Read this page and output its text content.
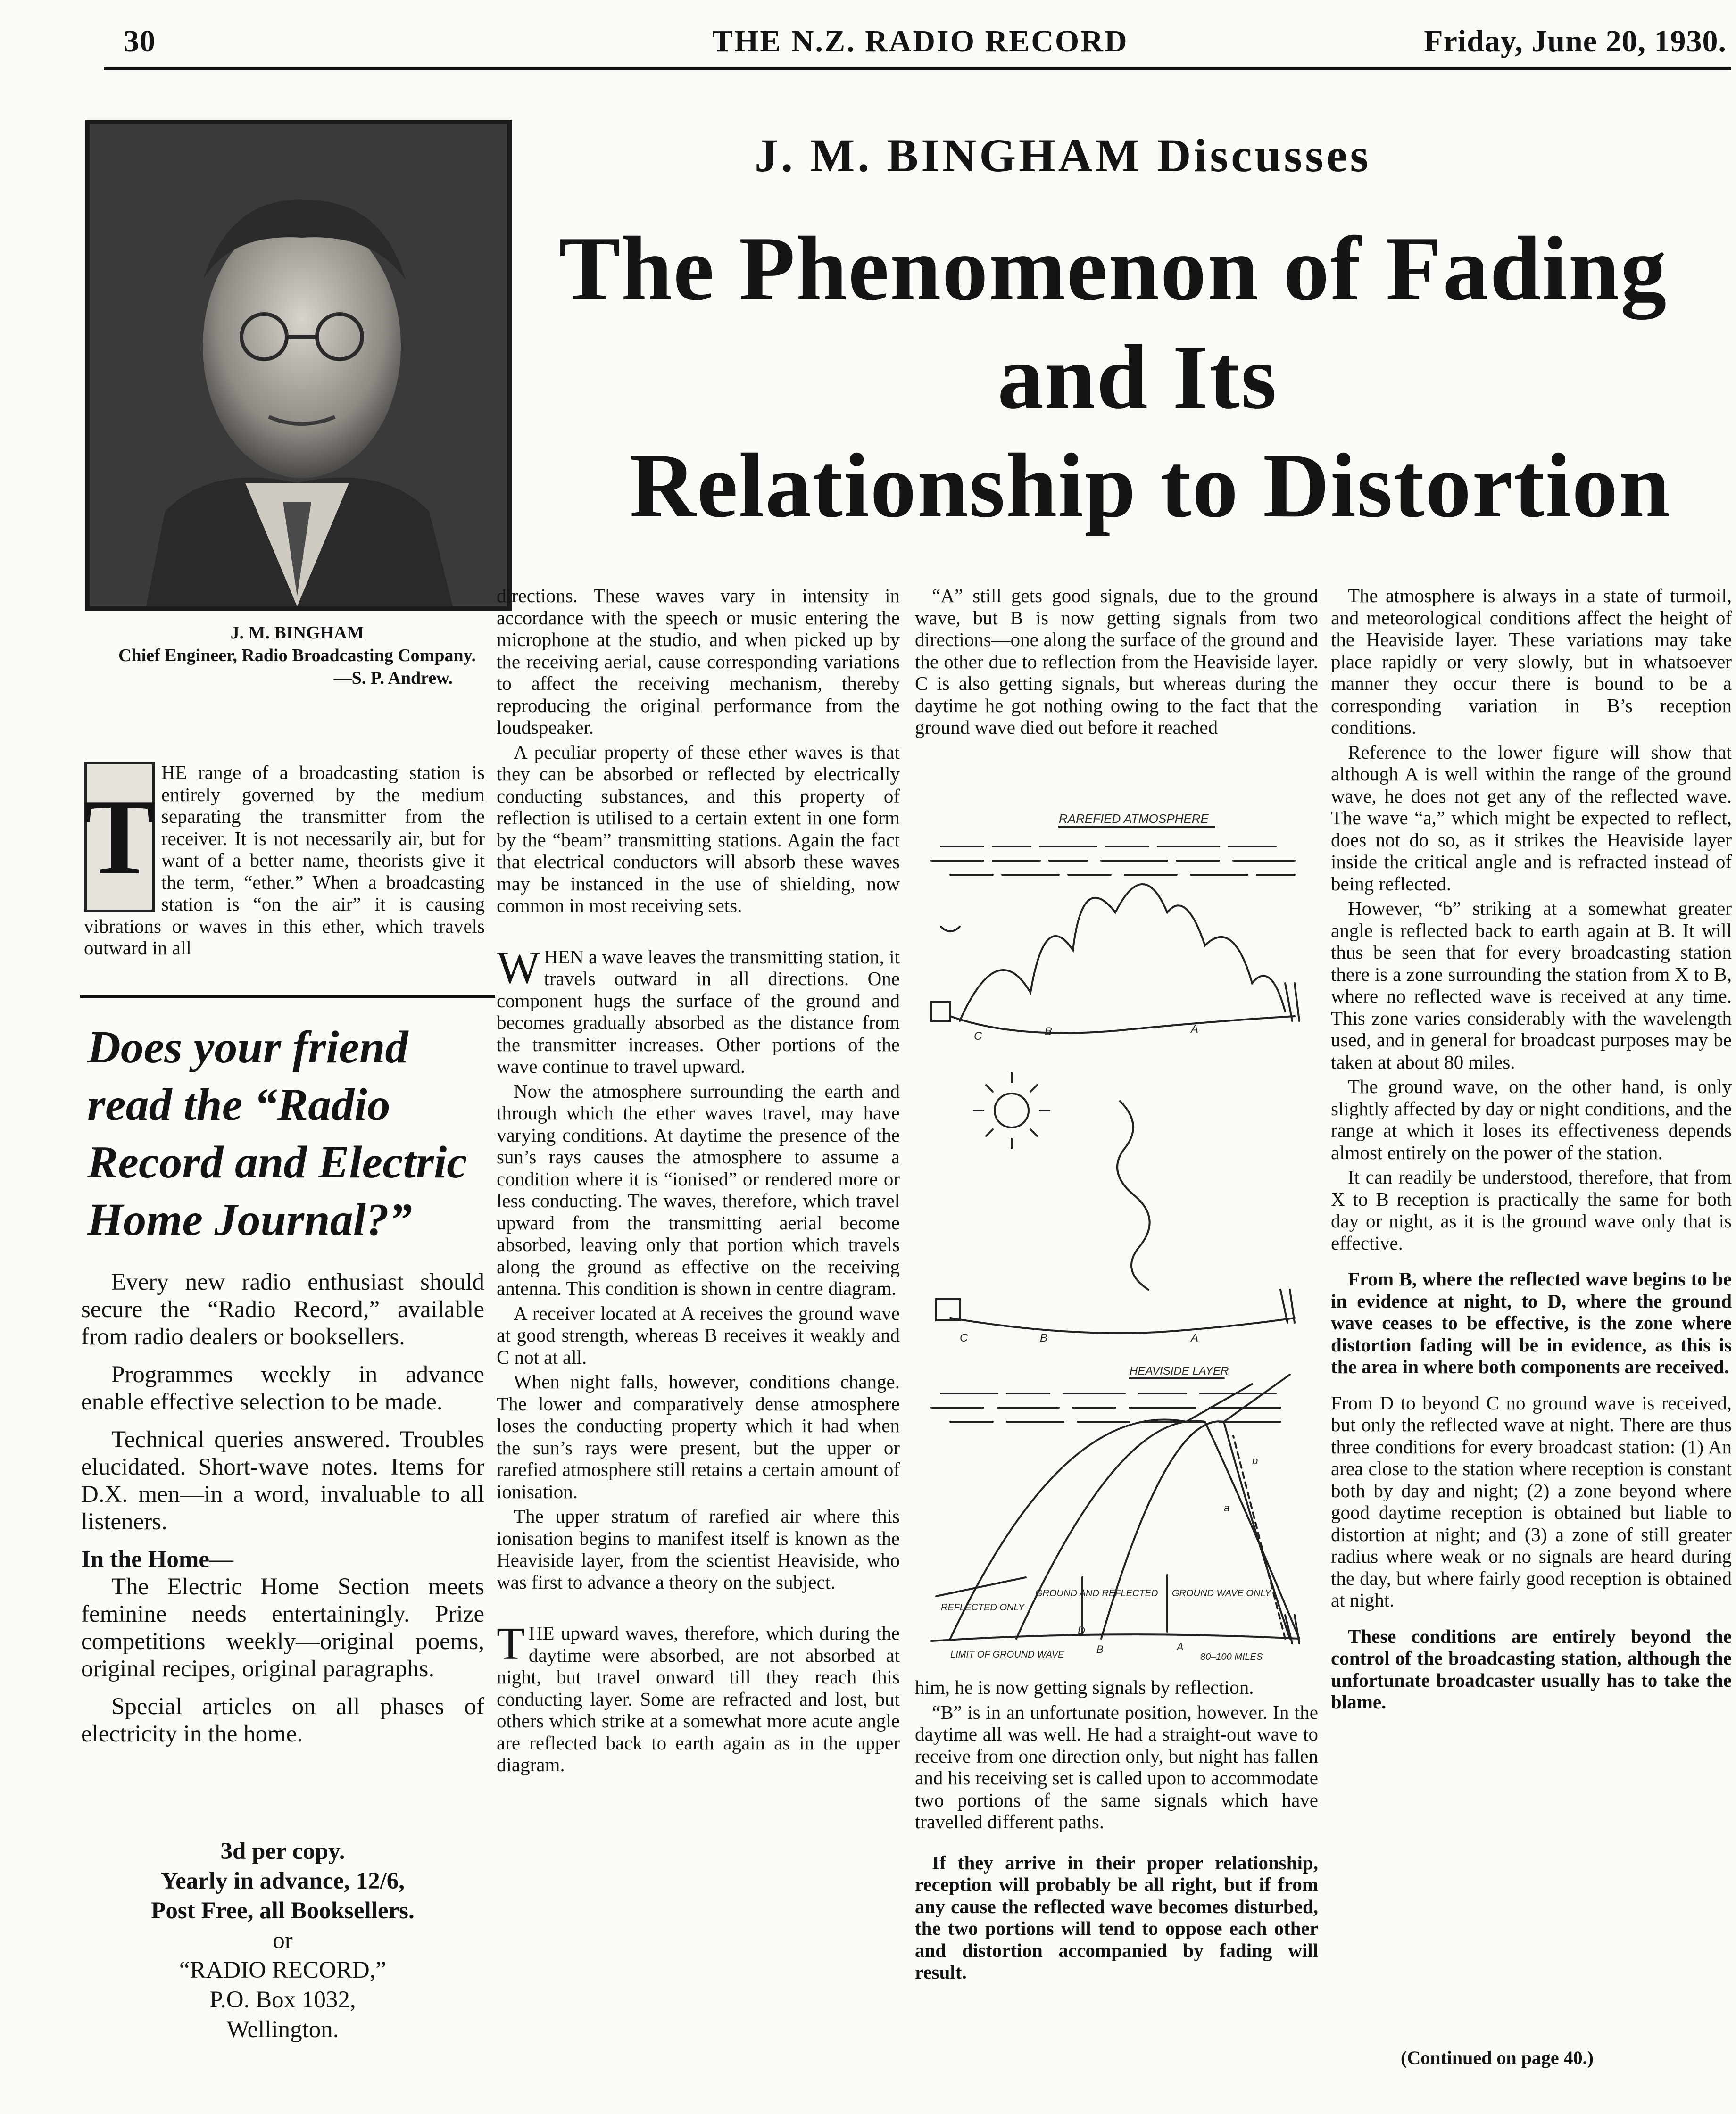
30	THE N.Z. RADIO RECORD	Friday, June 20, 1930.
J. M. BINGHAM
Chief Engineer, Radio Broadcasting Company.
—S. P. Andrew.
J. M. BINGHAM Discusses
The Phenomenon of Fading
and Its
Relationship to Distortion
T
HE range of a broadcasting station is entirely governed by the medium separating the transmitter from the receiver. It is not necessarily air, but for want of a better name, theorists give it the term, “ether.” When a broadcasting station is “on the air” it is causing vibrations or waves in this ether, which travels outward in all

directions. These waves vary in intensity in accordance with the speech or music entering the microphone at the studio, and when picked up by the receiving aerial, cause corresponding variations to affect the receiving mechanism, thereby reproducing the original performance from the loudspeaker.

A peculiar property of these ether waves is that they can be absorbed or reflected by electrically conducting substances, and this property of reflection is utilised to a certain extent in one form by the “beam” transmitting stations. Again the fact that electrical conductors will absorb these waves may be instanced in the use of shielding, now common in most receiving sets.

WHEN a wave leaves the transmitting station, it travels outward in all directions. One component hugs the surface of the ground and becomes gradually absorbed as the distance from the transmitter increases. Other portions of the wave continue to travel upward.

Now the atmosphere surrounding the earth and through which the ether waves travel, may have varying conditions. At daytime the presence of the sun’s rays causes the atmosphere to assume a condition where it is “ionised” or rendered more or less conducting. The waves, therefore, which travel upward from the transmitting aerial become absorbed, leaving only that portion which travels along the ground as effective on the receiving antenna. This condition is shown in centre diagram.

A receiver located at A receives the ground wave at good strength, whereas B receives it weakly and C not at all.

When night falls, however, conditions change. The lower and comparatively dense atmosphere loses the conducting property which it had when the sun’s rays were present, but the upper or rarefied atmosphere still retains a certain amount of ionisation.

The upper stratum of rarefied air where this ionisation begins to manifest itself is known as the Heaviside layer, from the scientist Heaviside, who was first to advance a theory on the subject.

THE upward waves, therefore, which during the daytime were absorbed, are not absorbed at night, but travel onward till they reach this conducting layer. Some are refracted and lost, but others which strike at a somewhat more acute angle are reflected back to earth again as in the upper diagram.

“A” still gets good signals, due to the ground wave, but B is now getting signals from two directions—one along the surface of the ground and the other due to reflection from the Heaviside layer. C is also getting signals, but whereas during the daytime he got nothing owing to the fact that the ground wave died out before it reached

RAREFIED ATMOSPHERE
C	B	A
C	B	A
HEAVISIDE LAYER
REFLECTED ONLY
GROUND AND REFLECTED GROUND WAVE ONLY
a
b
D
LIMIT OF GROUND WAVE	B	A
80–100 MILES

him, he is now getting signals by reflection.

“B” is in an unfortunate position, however. In the daytime all was well. He had a straight-out wave to receive from one direction only, but night has fallen and his receiving set is called upon to accommodate two portions of the same signals which have travelled different paths.

If they arrive in their proper relationship, reception will probably be all right, but if from any cause the reflected wave becomes disturbed, the two portions will tend to oppose each other and distortion accompanied by fading will result.

The atmosphere is always in a state of turmoil, and meteorological conditions affect the height of the Heaviside layer. These variations may take place rapidly or very slowly, but in whatsoever manner they occur there is bound to be a corresponding variation in B’s reception conditions.

Reference to the lower figure will show that although A is well within the range of the ground wave, he does not get any of the reflected wave. The wave “a,” which might be expected to reflect, does not do so, as it strikes the Heaviside layer inside the critical angle and is refracted instead of being reflected.

However, “b” striking at a somewhat greater angle is reflected back to earth again at B. It will thus be seen that for every broadcasting station there is a zone surrounding the station from X to B, where no reflected wave is received at any time. This zone varies considerably with the wavelength used, and in general for broadcast purposes may be taken at about 80 miles.

The ground wave, on the other hand, is only slightly affected by day or night conditions, and the range at which it loses its effectiveness depends almost entirely on the power of the station.

It can readily be understood, therefore, that from X to B reception is practically the same for both day or night, as it is the ground wave only that is effective.

From B, where the reflected wave begins to be in evidence at night, to D, where the ground wave ceases to be effective, is the zone where distortion fading will be in evidence, as this is the area in where both components are received.

From D to beyond C no ground wave is received, but only the reflected wave at night. There are thus three conditions for every broadcast station: (1) An area close to the station where reception is constant both by day and night; (2) a zone beyond where good daytime reception is obtained but liable to distortion at night; and (3) a zone of still greater radius where weak or no signals are heard during the day, but where fairly good reception is obtained at night.

These conditions are entirely beyond the control of the broadcasting station, although the unfortunate broadcaster usually has to take the blame.

(Continued on page 40.)
Does your friend read the “Radio Record and Electric Home Journal?”

Every new radio enthusiast should secure the “Radio Record,” available from radio dealers or booksellers.

Programmes weekly in advance enable effective selection to be made.

Technical queries answered. Troubles elucidated. Short-wave notes. Items for D.X. men—in a word, invaluable to all listeners.

In the Home—

The Electric Home Section meets feminine needs entertainingly. Prize competitions weekly—original poems, original recipes, original paragraphs.

Special articles on all phases of electricity in the home.

3d per copy.
Yearly in advance, 12/6,
Post Free, all Booksellers.
or
“RADIO RECORD,”
P.O. Box 1032,
Wellington.
